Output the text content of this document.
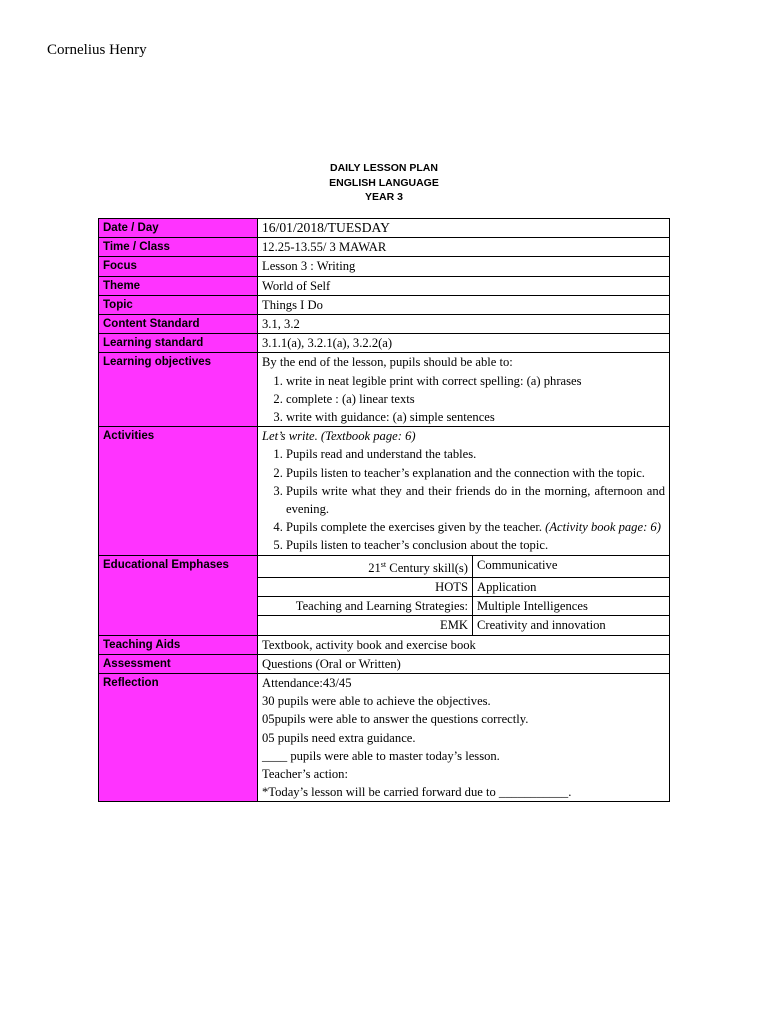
Cornelius Henry
DAILY LESSON PLAN
ENGLISH LANGUAGE
YEAR 3
Date / Day	16/01/2018/TUESDAY
Time / Class	12.25-13.55/ 3 MAWAR
Focus	Lesson 3 : Writing
Theme	World of Self
Topic	Things I Do
Content Standard	3.1, 3.2
Learning standard	3.1.1(a), 3.2.1(a), 3.2.2(a)
Learning objectives	By the end of the lesson, pupils should be able to:
1. write in neat legible print with correct spelling: (a) phrases
2. complete : (a) linear texts
3. write with guidance: (a) simple sentences

Activities	Let’s write. (Textbook page: 6)
1. Pupils read and understand the tables.
2. Pupils listen to teacher’s explanation and the connection with the topic.
3. Pupils write what they and their friends do in the morning, afternoon and evening.
4. Pupils complete the exercises given by the teacher. (Activity book page: 6)
5. Pupils listen to teacher’s conclusion about the topic.

Educational Emphases		21st Century skill(s)	Communicative
HOTS	Application
Teaching and Learning Strategies:	Multiple Intelligences
EMK	Creativity and innovation

Teaching Aids	Textbook, activity book and exercise book
Assessment	Questions (Oral or Written)
Reflection	Attendance:43/45
30 pupils were able to achieve the objectives.
05pupils were able to answer the questions correctly.
05 pupils need extra guidance.
____ pupils were able to master today’s lesson.
Teacher’s action:
*Today’s lesson will be carried forward due to ___________.
